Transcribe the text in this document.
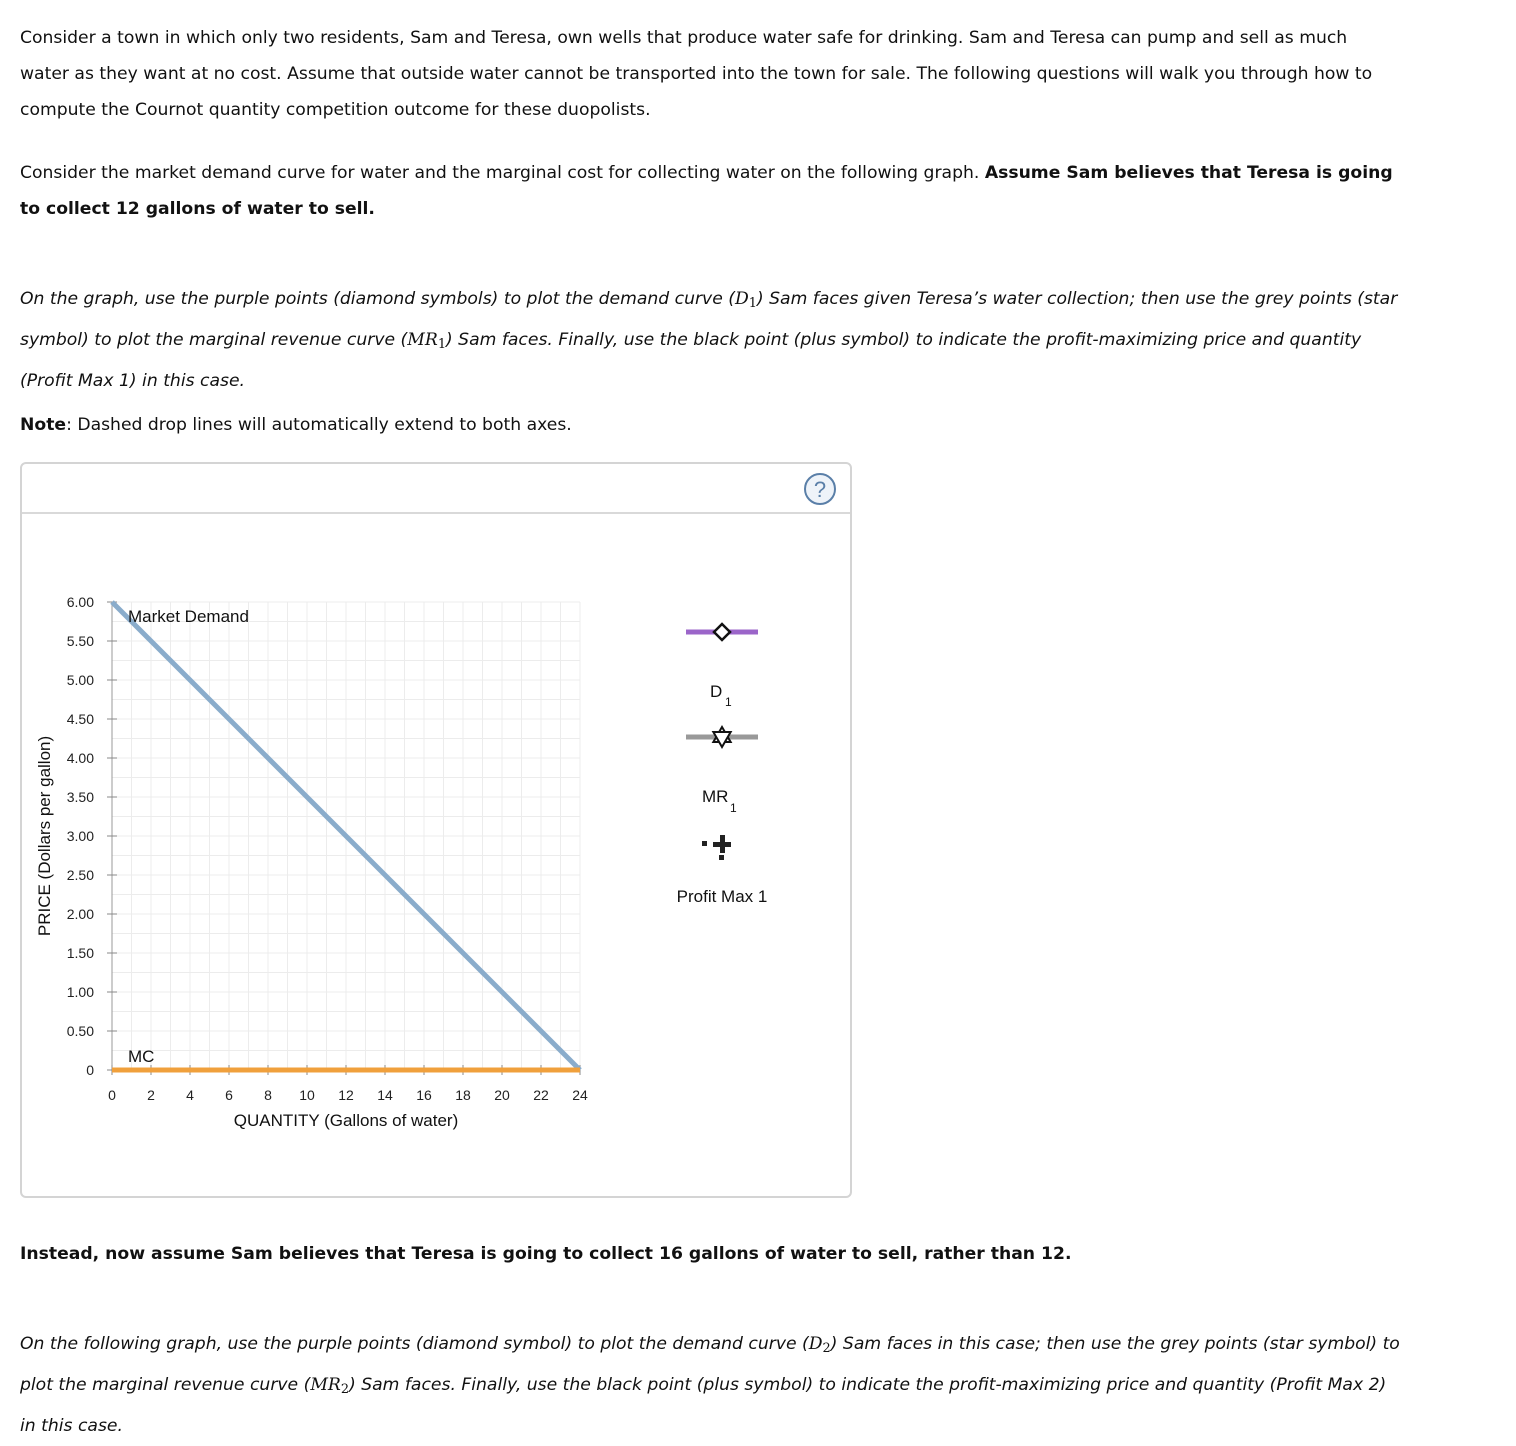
Consider a town in which only two residents, Sam and Teresa, own wells that produce water safe for drinking. Sam and Teresa can pump and sell as much water as they want at no cost. Assume that outside water cannot be transported into the town for sale. The following questions will walk you through how to compute the Cournot quantity competition outcome for these duopolists.

Consider the market demand curve for water and the marginal cost for collecting water on the following graph. Assume Sam believes that Teresa is going to collect 12 gallons of water to sell.

On the graph, use the purple points (diamond symbols) to plot the demand curve $(D_1)$ Sam faces given Teresa’s water collection; then use the grey points (star symbol) to plot the marginal revenue curve $(MR_1)$ Sam faces. Finally, use the black point (plus symbol) to indicate the profit-maximizing price and quantity (Profit Max 1) in this case.

Note: Dashed drop lines will automatically extend to both axes.

?
0
0.50
1.00
1.50
2.00
2.50
3.00
3.50
4.00
4.50
5.00
5.50
6.00
0 2 4 6 8 10 12 14 16 18 20 22 24
QUANTITY (Gallons of water)
PRICE (Dollars per gallon)
Market Demand
MC
D
1
MR
1
Profit Max 1

Instead, now assume Sam believes that Teresa is going to collect 16 gallons of water to sell, rather than 12.

On the following graph, use the purple points (diamond symbol) to plot the demand curve $(D_2)$ Sam faces in this case; then use the grey points (star symbol) to plot the marginal revenue curve $(MR_2)$ Sam faces. Finally, use the black point (plus symbol) to indicate the profit-maximizing price and quantity (Profit Max 2) in this case.
